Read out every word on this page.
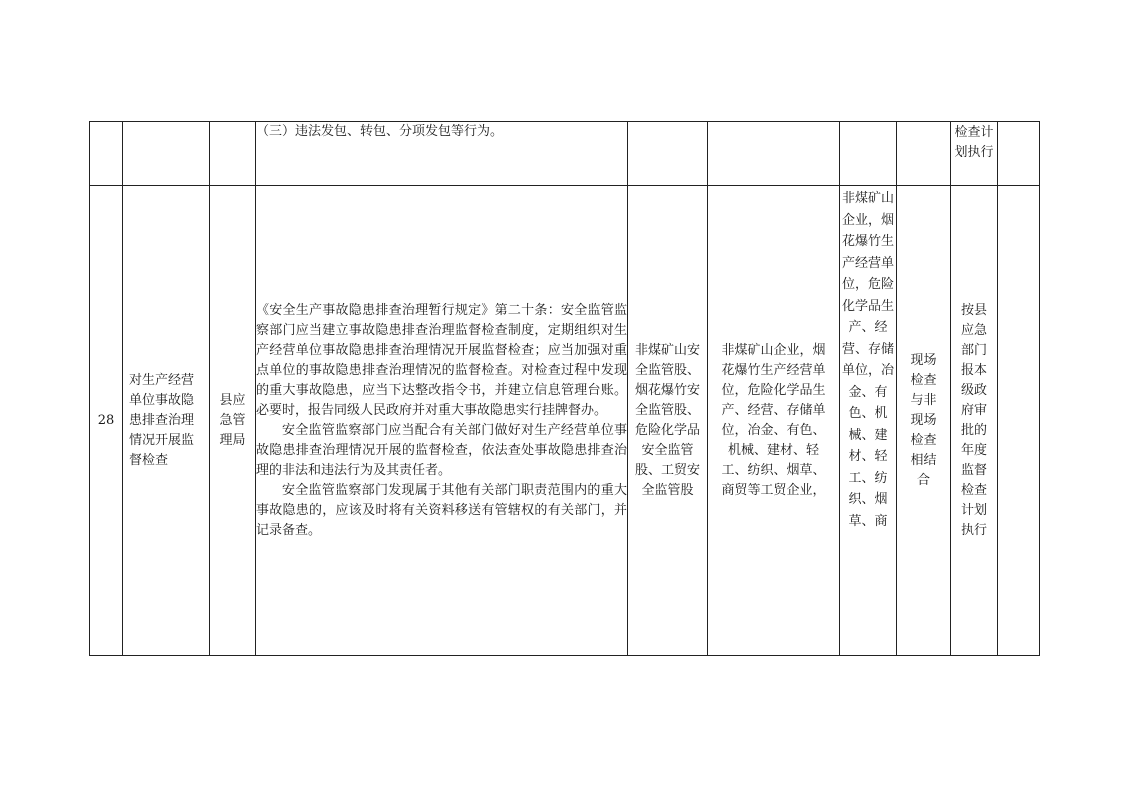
			（三）违法发包、转包、分项发包等行为。					检查计划执行	
28	对生产经营单位事故隐患排查治理情况开展监督检查	县应急管理局	《安全生产事故隐患排查治理暂行规定》第二十条：安全监管监察部门应当建立事故隐患排查治理监督检查制度，定期组织对生产经营单位事故隐患排查治理情况开展监督检查；应当加强对重点单位的事故隐患排查治理情况的监督检查。对检查过程中发现的重大事故隐患，应当下达整改指令书，并建立信息管理台账。必要时，报告同级人民政府并对重大事故隐患实行挂牌督办。
安全监管监察部门应当配合有关部门做好对生产经营单位事故隐患排查治理情况开展的监督检查，依法查处事故隐患排查治理的非法和违法行为及其责任者。
安全监管监察部门发现属于其他有关部门职责范围内的重大事故隐患的，应该及时将有关资料移送有管辖权的有关部门，并记录备查。	非煤矿山安全监管股、烟花爆竹安全监管股、危险化学品安全监管股、工贸安全监管股	非煤矿山企业，烟花爆竹生产经营单位，危险化学品生产、经营、存储单位，冶金、有色、机械、建材、轻工、纺织、烟草、商贸等工贸企业，	非煤矿山企业，烟花爆竹生产经营单位，危险化学品生产、经营、存储单位，冶金、有色、机械、建材、轻工、纺织、烟草、商	现场检查与非现场检查相结合	按县应急部门报本级政府审批的年度监督检查计划执行	
